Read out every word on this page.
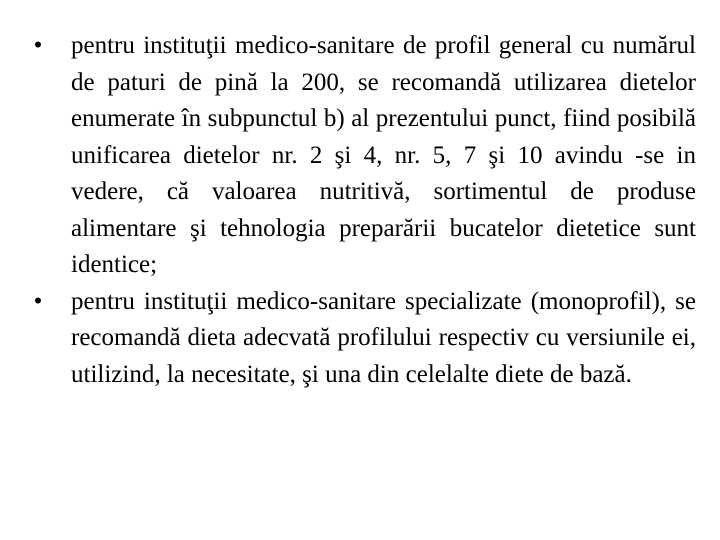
• pentru instituţii medico-sanitare de profil general cu numărul de paturi de pină la 200, se recomandă utilizarea dietelor enumerate în subpunctul b) al prezentului punct, fiind posibilă unificarea dietelor nr. 2 şi 4, nr. 5, 7 şi 10 avindu -se in vedere, că valoarea nutritivă, sortimentul de produse alimentare şi tehnologia preparării bucatelor dietetice sunt identice;
• pentru instituţii medico-sanitare specializate (monoprofil), se recomandă dieta adecvată profilului respectiv cu versiunile ei, utilizind, la necesitate, şi una din celelalte diete de bază.
